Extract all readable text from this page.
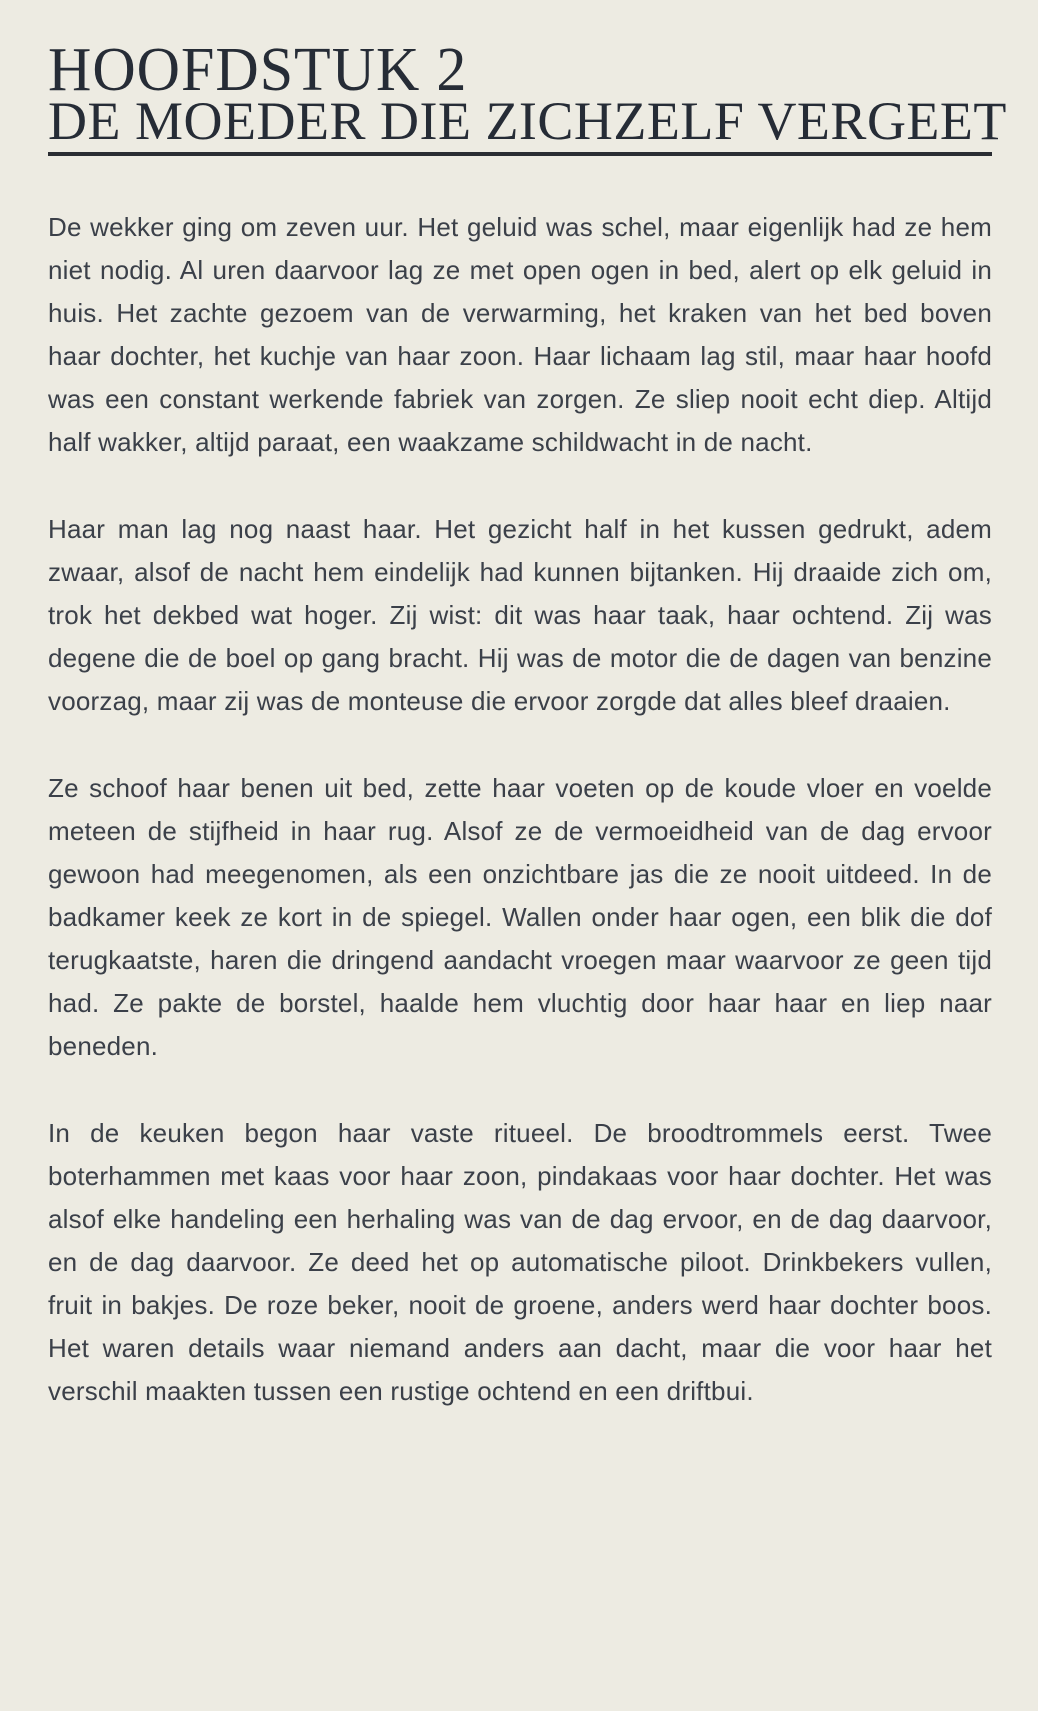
HOOFDSTUK 2
DE MOEDER DIE ZICHZELF VERGEET

De wekker ging om zeven uur. Het geluid was schel, maar eigenlijk had ze hem niet nodig. Al uren daarvoor lag ze met open ogen in bed, alert op elk geluid in huis. Het zachte gezoem van de verwarming, het kraken van het bed boven haar dochter, het kuchje van haar zoon. Haar lichaam lag stil, maar haar hoofd was een constant werkende fabriek van zorgen. Ze sliep nooit echt diep. Altijd half wakker, altijd paraat, een waakzame schildwacht in de nacht.

Haar man lag nog naast haar. Het gezicht half in het kussen gedrukt, adem zwaar, alsof de nacht hem eindelijk had kunnen bijtanken. Hij draaide zich om, trok het dekbed wat hoger. Zij wist: dit was haar taak, haar ochtend. Zij was degene die de boel op gang bracht. Hij was de motor die de dagen van benzine voorzag, maar zij was de monteuse die ervoor zorgde dat alles bleef draaien.

Ze schoof haar benen uit bed, zette haar voeten op de koude vloer en voelde meteen de stijfheid in haar rug. Alsof ze de vermoeidheid van de dag ervoor gewoon had meegenomen, als een onzichtbare jas die ze nooit uitdeed. In de badkamer keek ze kort in de spiegel. Wallen onder haar ogen, een blik die dof terugkaatste, haren die dringend aandacht vroegen maar waarvoor ze geen tijd had. Ze pakte de borstel, haalde hem vluchtig door haar haar en liep naar beneden.

In de keuken begon haar vaste ritueel. De broodtrommels eerst. Twee boterhammen met kaas voor haar zoon, pindakaas voor haar dochter. Het was alsof elke handeling een herhaling was van de dag ervoor, en de dag daarvoor, en de dag daarvoor. Ze deed het op automatische piloot. Drinkbekers vullen, fruit in bakjes. De roze beker, nooit de groene, anders werd haar dochter boos. Het waren details waar niemand anders aan dacht, maar die voor haar het verschil maakten tussen een rustige ochtend en een driftbui.
